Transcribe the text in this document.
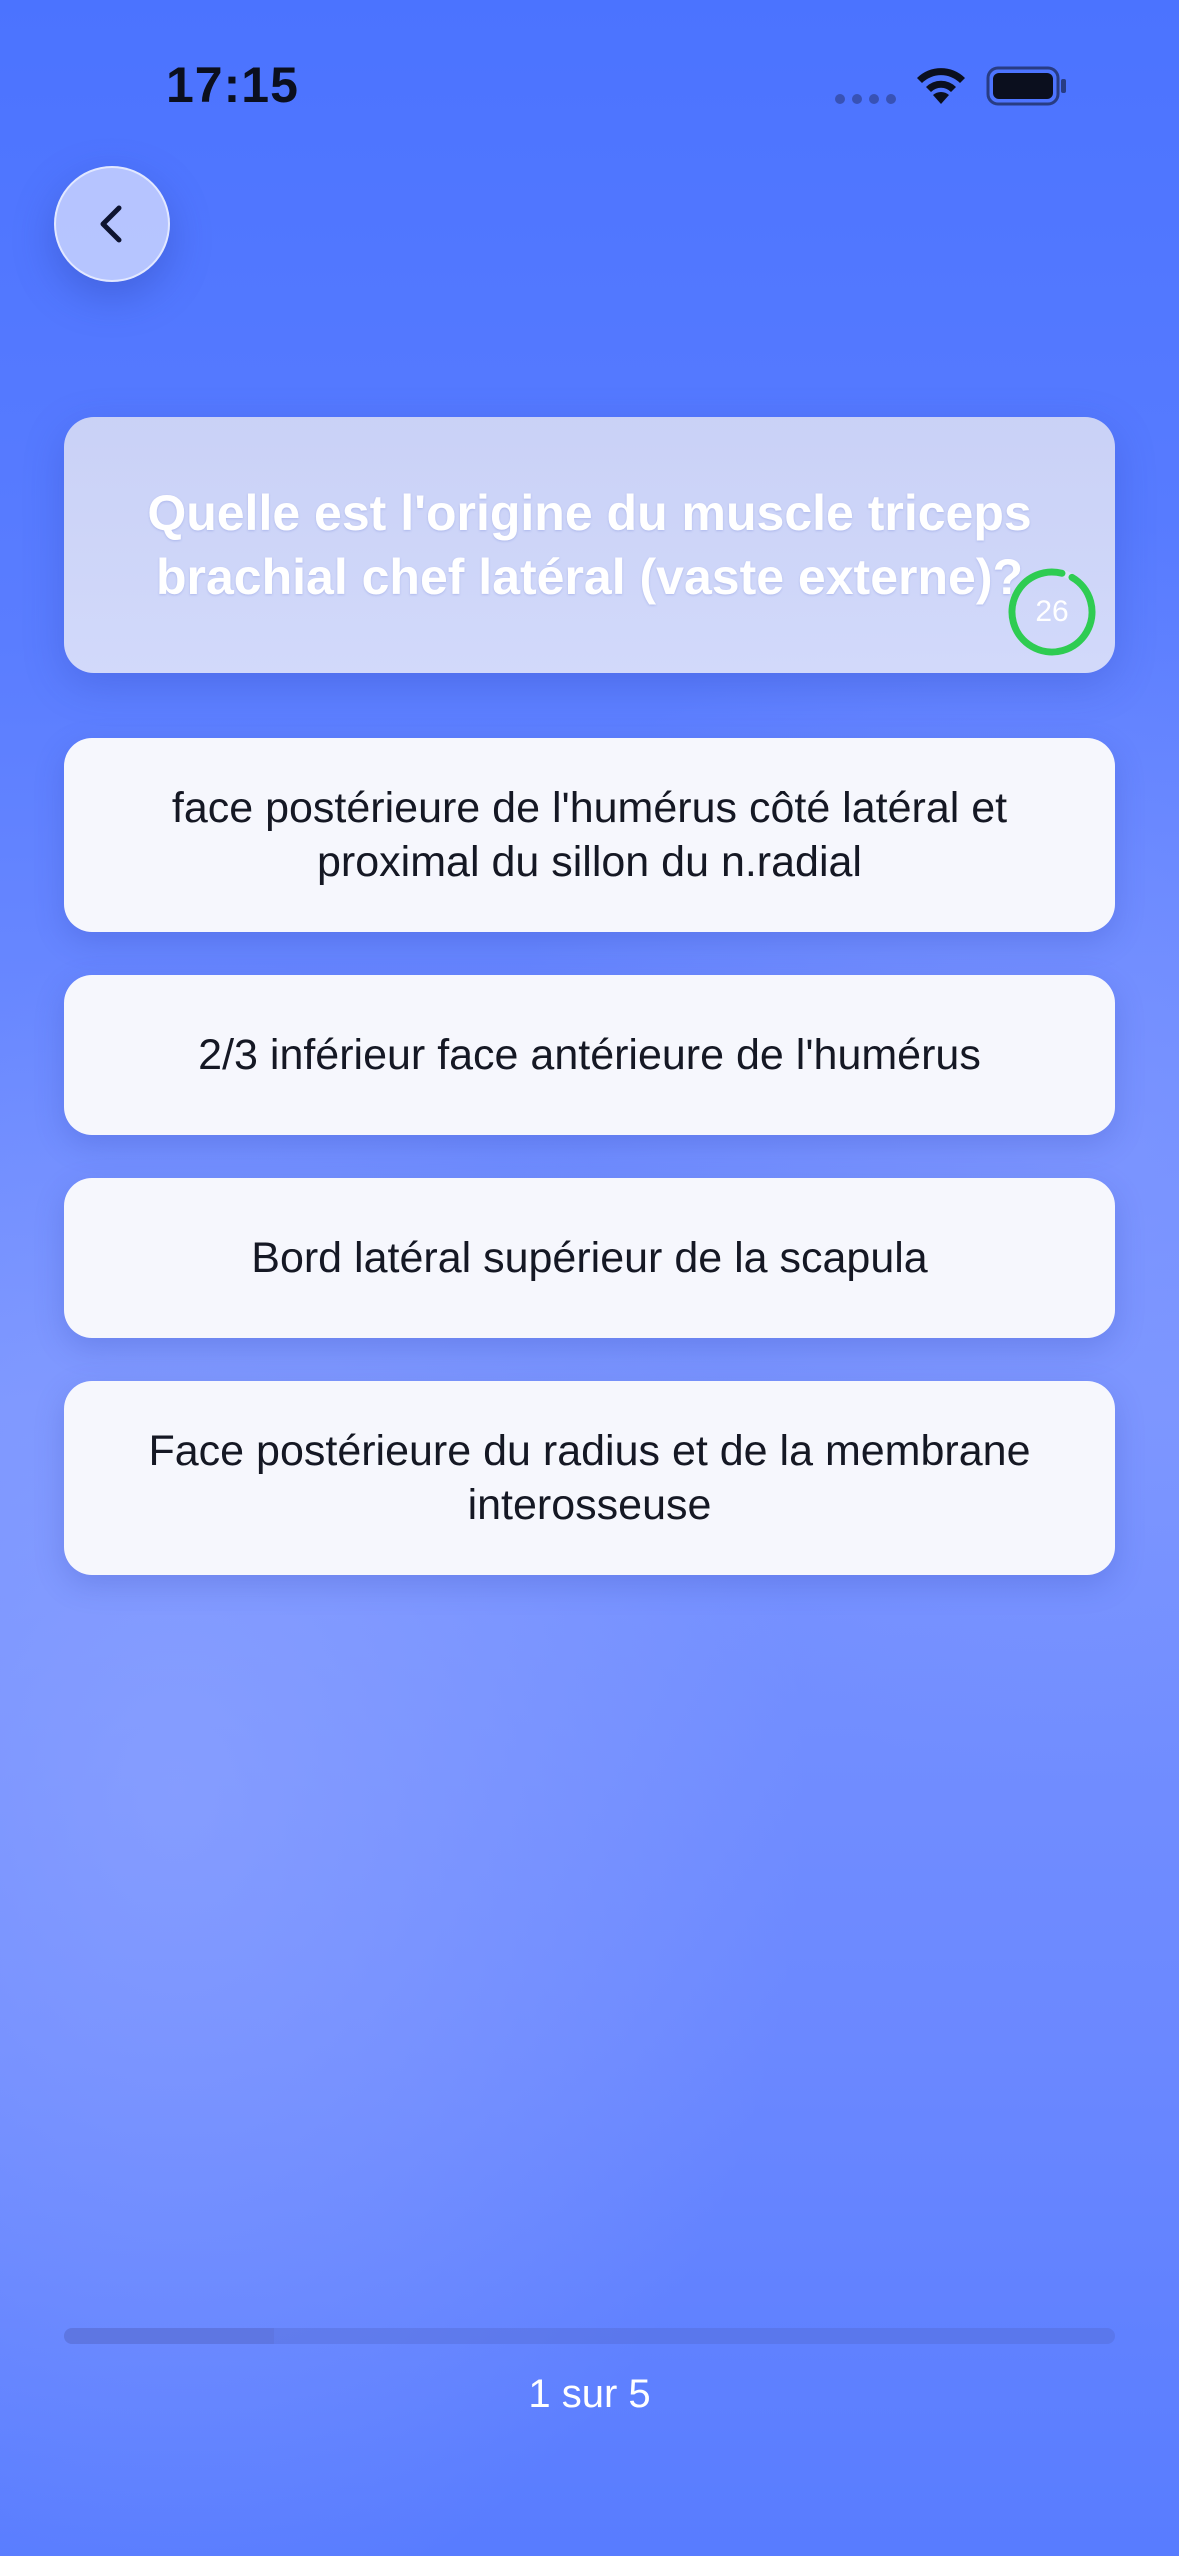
17:15
Quelle est l'origine du muscle triceps brachial chef latéral (vaste externe)?
26
face postérieure de l'humérus côté latéral et proximal du sillon du n.radial
2/3 inférieur face antérieure de l'humérus
Bord latéral supérieur de la scapula
Face postérieure du radius et de la membrane interosseuse
1 sur 5
